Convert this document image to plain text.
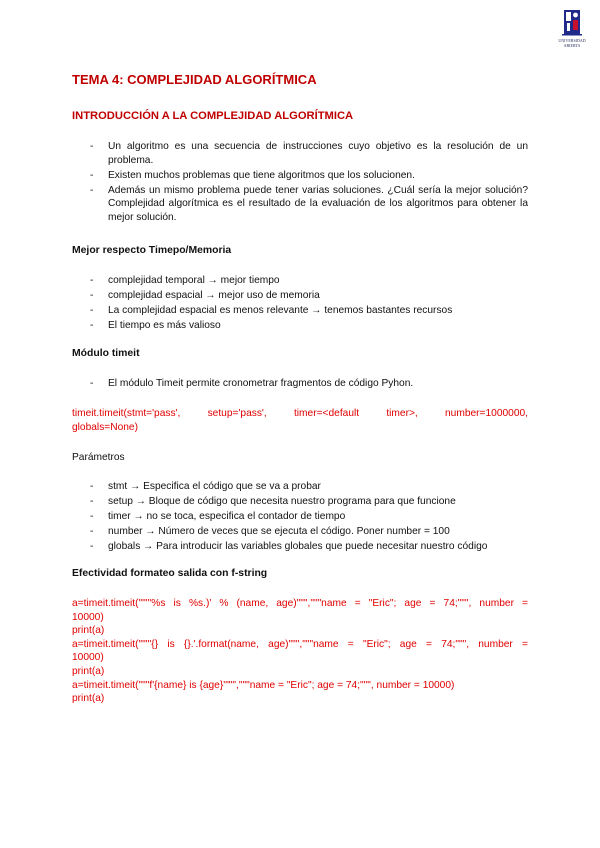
UNIVERSIDAD
ABIERTA
TEMA 4: COMPLEJIDAD ALGORÍTMICA
INTRODUCCIÓN A LA COMPLEJIDAD ALGORÍTMICA
- Un algoritmo es una secuencia de instrucciones cuyo objetivo es la resolución de un problema.
- Existen muchos problemas que tiene algoritmos que los solucionen.
- Además un mismo problema puede tener varias soluciones. ¿Cuál sería la mejor solución? Complejidad algorítmica es el resultado de la evaluación de los algoritmos para obtener la mejor solución.

Mejor respecto Timepo/Memoria

- complejidad temporal → mejor tiempo
- complejidad espacial → mejor uso de memoria
- La complejidad espacial es menos relevante → tenemos bastantes recursos
- El tiempo es más valioso

Módulo timeit

- El módulo Timeit permite cronometrar fragmentos de código Pyhon.
timeit.timeit(stmt='pass',      setup='pass',      timer=<default      timer>,      number=1000000,
globals=None)

Parámetros

- stmt → Especifica el código que se va a probar
- setup → Bloque de código que necesita nuestro programa para que funcione
- timer → no se toca, especifica el contador de tiempo
- number → Número de veces que se ejecuta el código. Poner number = 100
- globals → Para introducir las variables globales que puede necesitar nuestro código

Efectividad formateo salida con f-string

a=timeit.timeit("""'%s is %s.)' % (name, age)""","""name = "Eric"; age = 74;""", number =
10000)
print(a)
a=timeit.timeit("""'{} is {}.'.format(name, age)""","""name = "Eric"; age = 74;""", number =
10000)
print(a)
a=timeit.timeit("""f'{name} is {age}'""","""name = "Eric"; age = 74;""", number = 10000)
print(a)
